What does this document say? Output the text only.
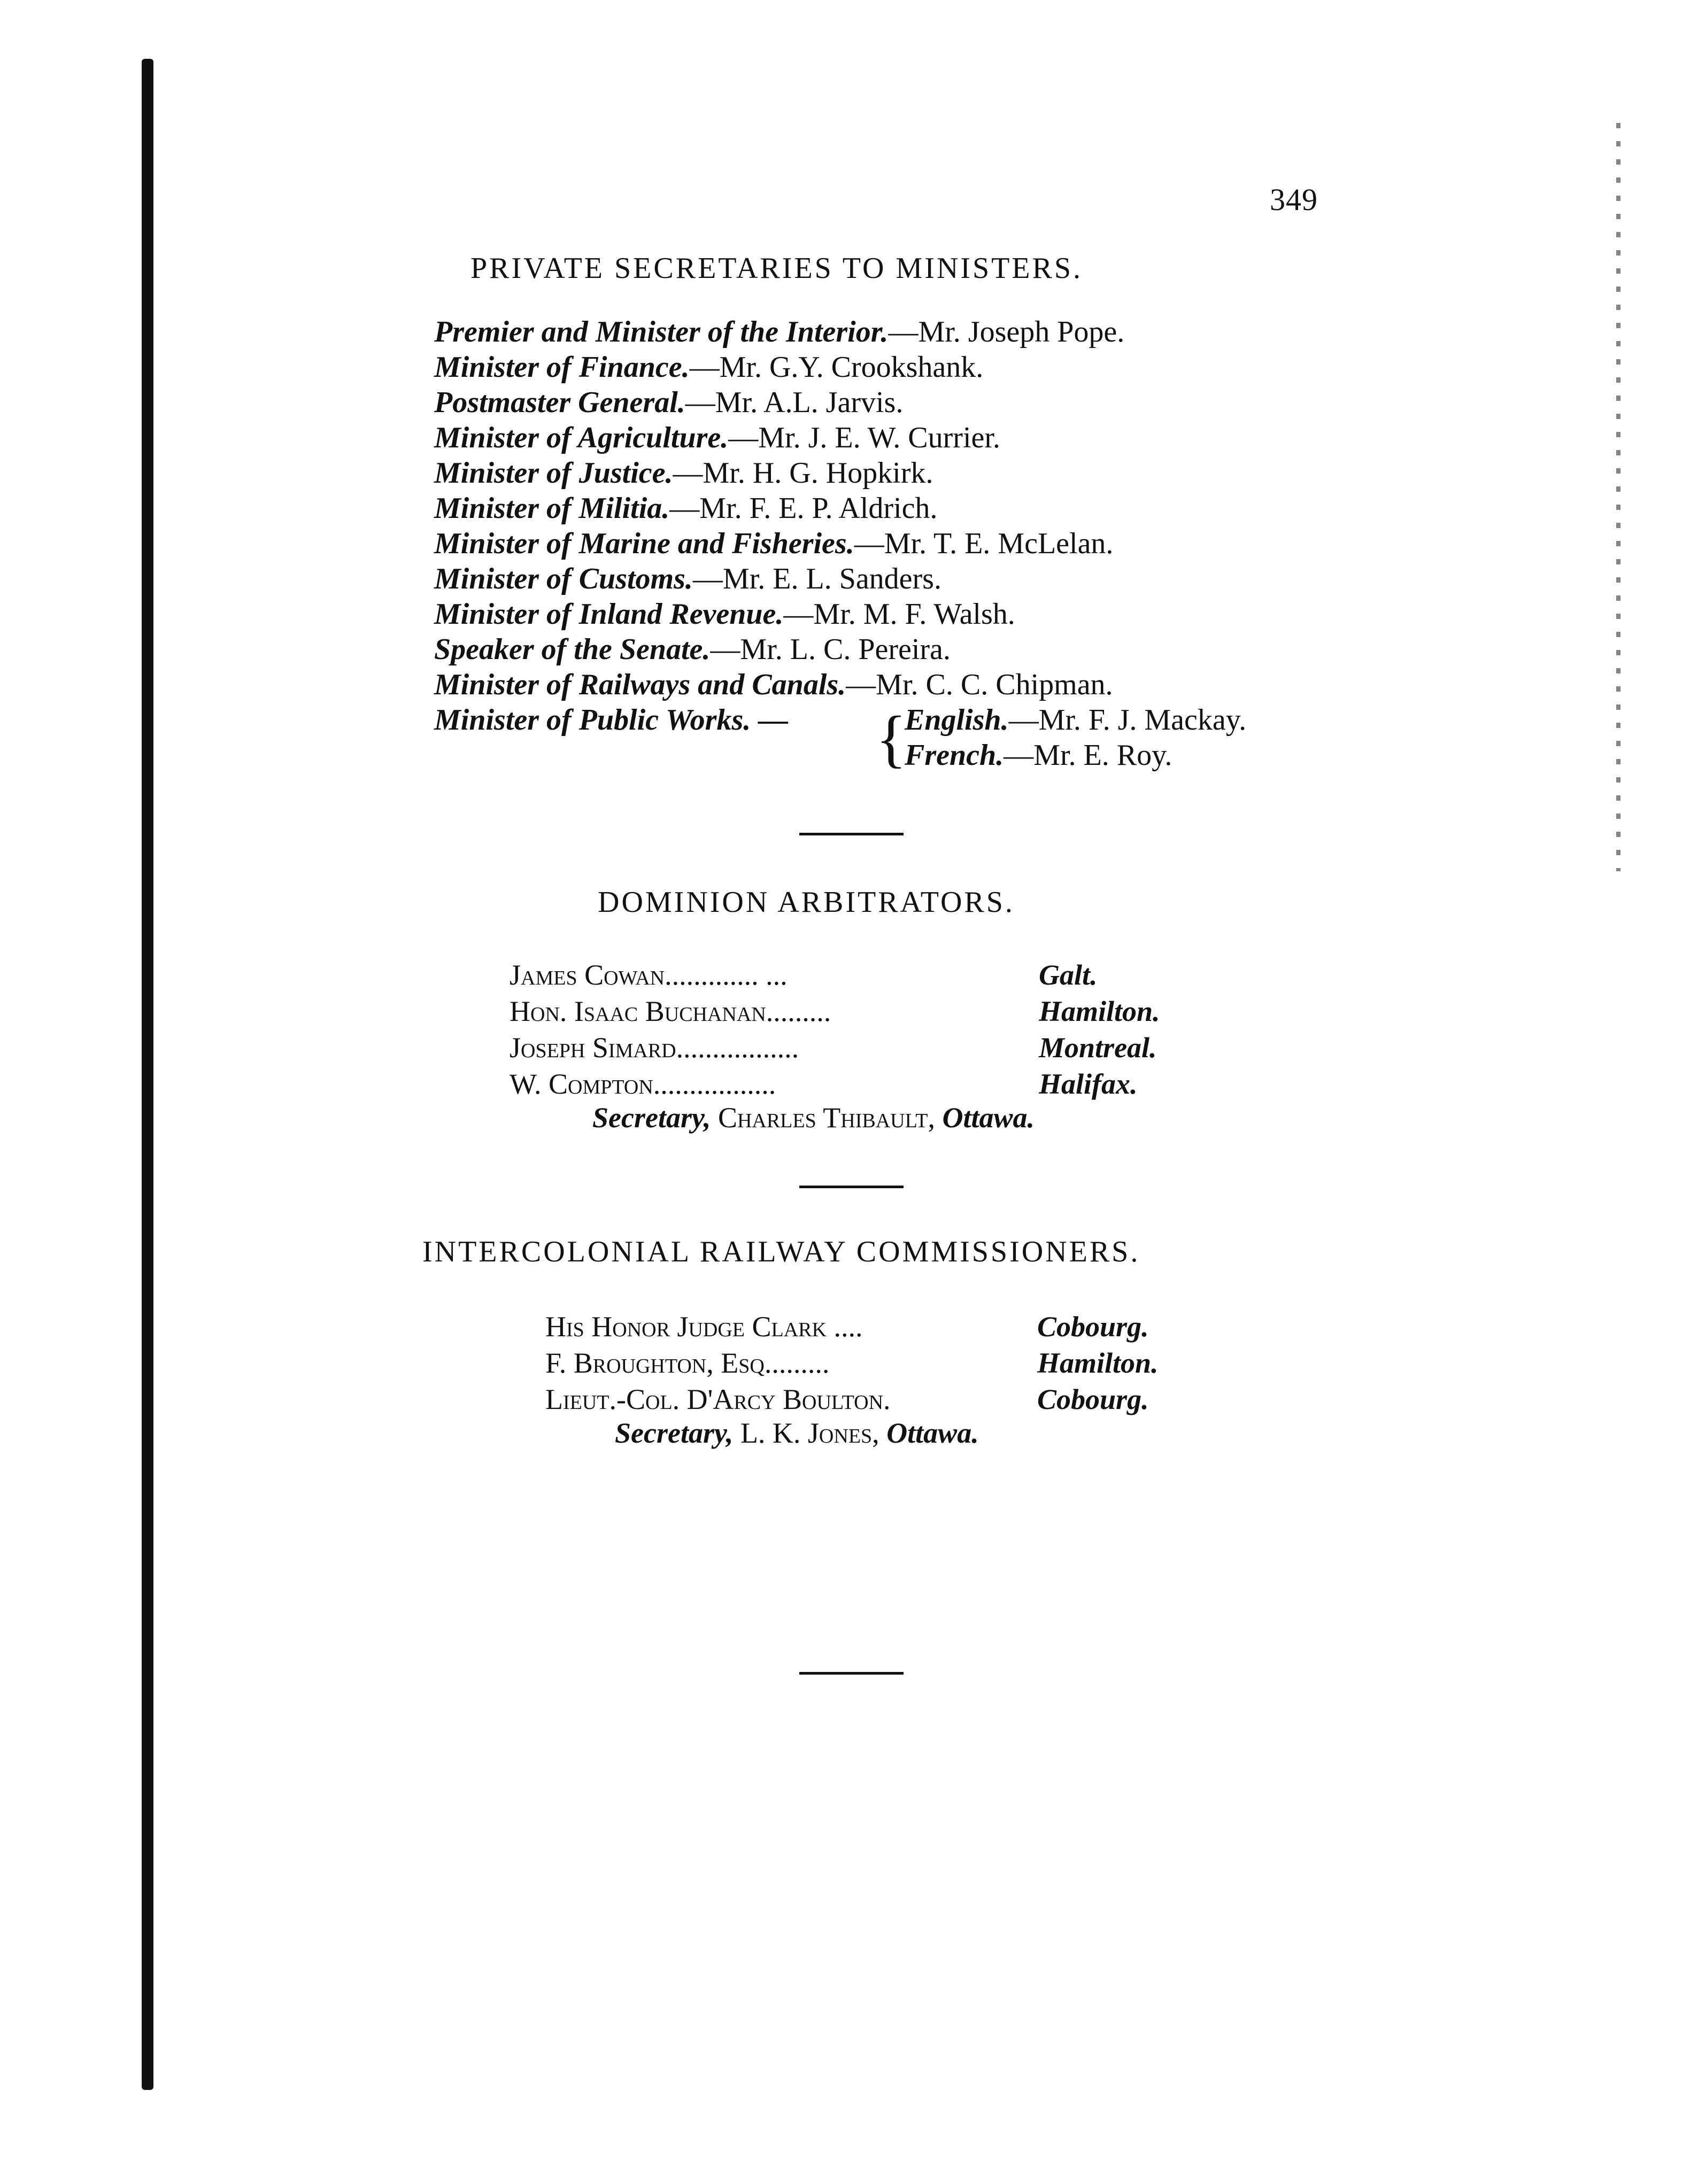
349
PRIVATE SECRETARIES TO MINISTERS.
Premier and Minister of the Interior.—Mr. Joseph Pope.
Minister of Finance.—Mr. G.Y. Crookshank.
Postmaster General.—Mr. A.L. Jarvis.
Minister of Agriculture.—Mr. J. E. W. Currier.
Minister of Justice.—Mr. H. G. Hopkirk.
Minister of Militia.—Mr. F. E. P. Aldrich.
Minister of Marine and Fisheries.—Mr. T. E. McLelan.
Minister of Customs.—Mr. E. L. Sanders.
Minister of Inland Revenue.—Mr. M. F. Walsh.
Speaker of the Senate.—Mr. L. C. Pereira.
Minister of Railways and Canals.—Mr. C. C. Chipman.
Minister of Public Works. — {
English.—Mr. F. J. Mackay.
French.—Mr. E. Roy.
DOMINION ARBITRATORS.
James Cowan............. ...	Galt.
Hon. Isaac Buchanan.........	Hamilton.
Joseph Simard.................	Montreal.
W. Compton.................	Halifax.
Secretary, Charles Thibault, Ottawa.
INTERCOLONIAL RAILWAY COMMISSIONERS.
His Honor Judge Clark ....	Cobourg.
F. Broughton, Esq.........	Hamilton.
Lieut.-Col. D'Arcy Boulton.	Cobourg.
Secretary, L. K. Jones, Ottawa.
